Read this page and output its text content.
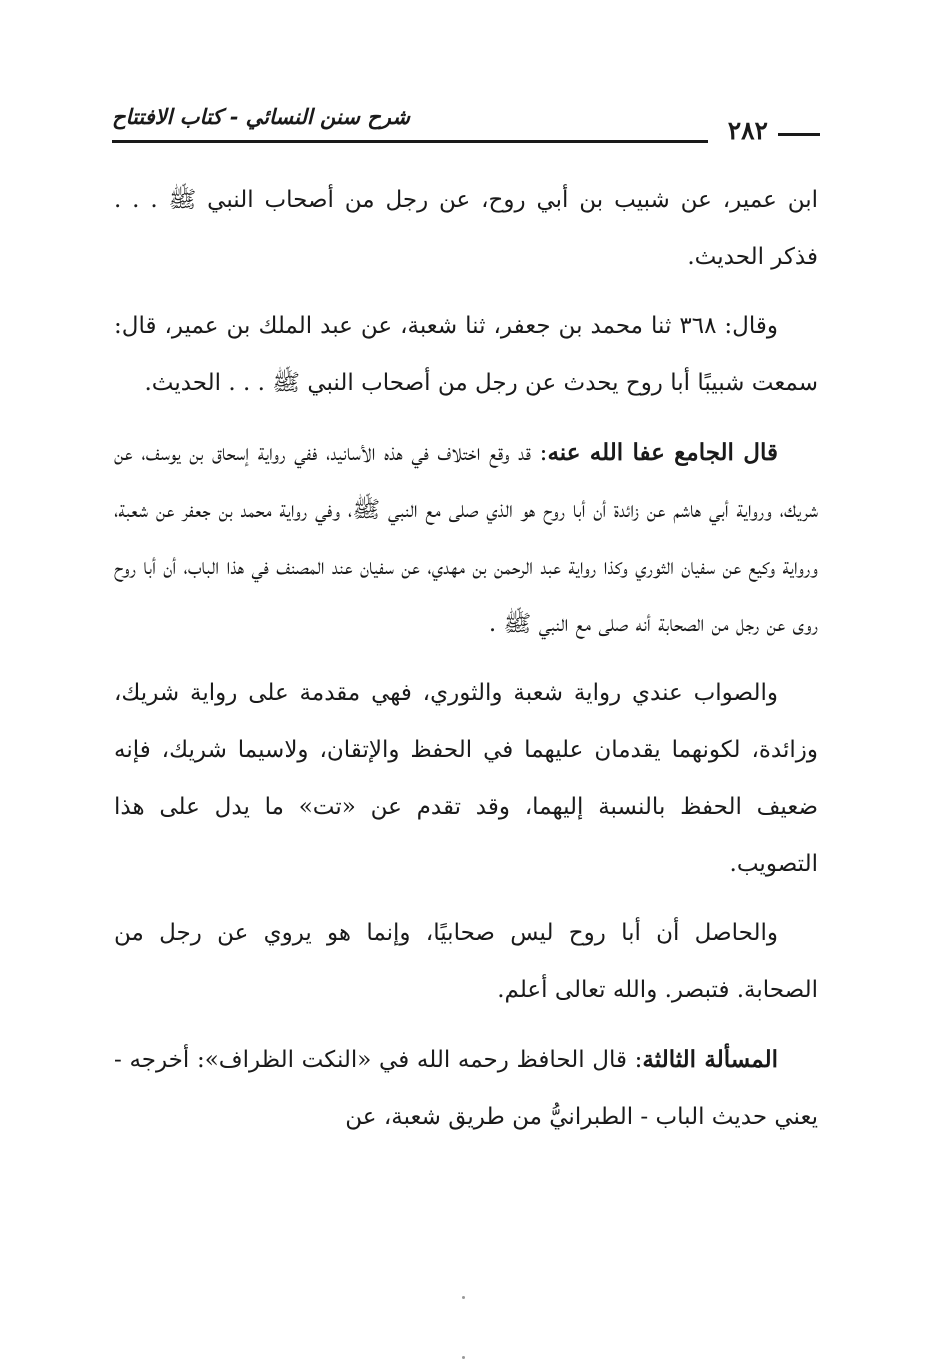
شرح سنن النسائي - كتاب الافتتاح	٢٨٢

ابن عمير، عن شبيب بن أبي روح، عن رجل من أصحاب النبي ﷺ . . . فذكر الحديث.

وقال: ٣٦٨ ثنا محمد بن جعفر، ثنا شعبة، عن عبد الملك بن عمير، قال: سمعت شبيبًا أبا روح يحدث عن رجل من أصحاب النبي ﷺ . . . الحديث.

قال الجامع عفا الله عنه: قد وقع اختلاف في هذه الأسانيد، ففي رواية إسحاق بن يوسف، عن شريك، ورواية أبي هاشم عن زائدة أن أبا روح هو الذي صلى مع النبي ﷺ، وفي رواية محمد بن جعفر عن شعبة، ورواية وكيع عن سفيان الثوري وكذا رواية عبد الرحمن بن مهدي، عن سفيان عند المصنف في هذا الباب، أن أبا روح روى عن رجل من الصحابة أنه صلى مع النبي ﷺ .

والصواب عندي رواية شعبة والثوري، فهي مقدمة على رواية شريك، وزائدة، لكونهما يقدمان عليهما في الحفظ والإتقان، ولاسيما شريك، فإنه ضعيف الحفظ بالنسبة إليهما، وقد تقدم عن «تت» ما يدل على هذا التصويب.

والحاصل أن أبا روح ليس صحابيًا، وإنما هو يروي عن رجل من الصحابة. فتبصر. والله تعالى أعلم.

المسألة الثالثة: قال الحافظ رحمه الله في «النكت الظراف»: أخرجه - يعني حديث الباب - الطبرانيُّ من طريق شعبة، عن
